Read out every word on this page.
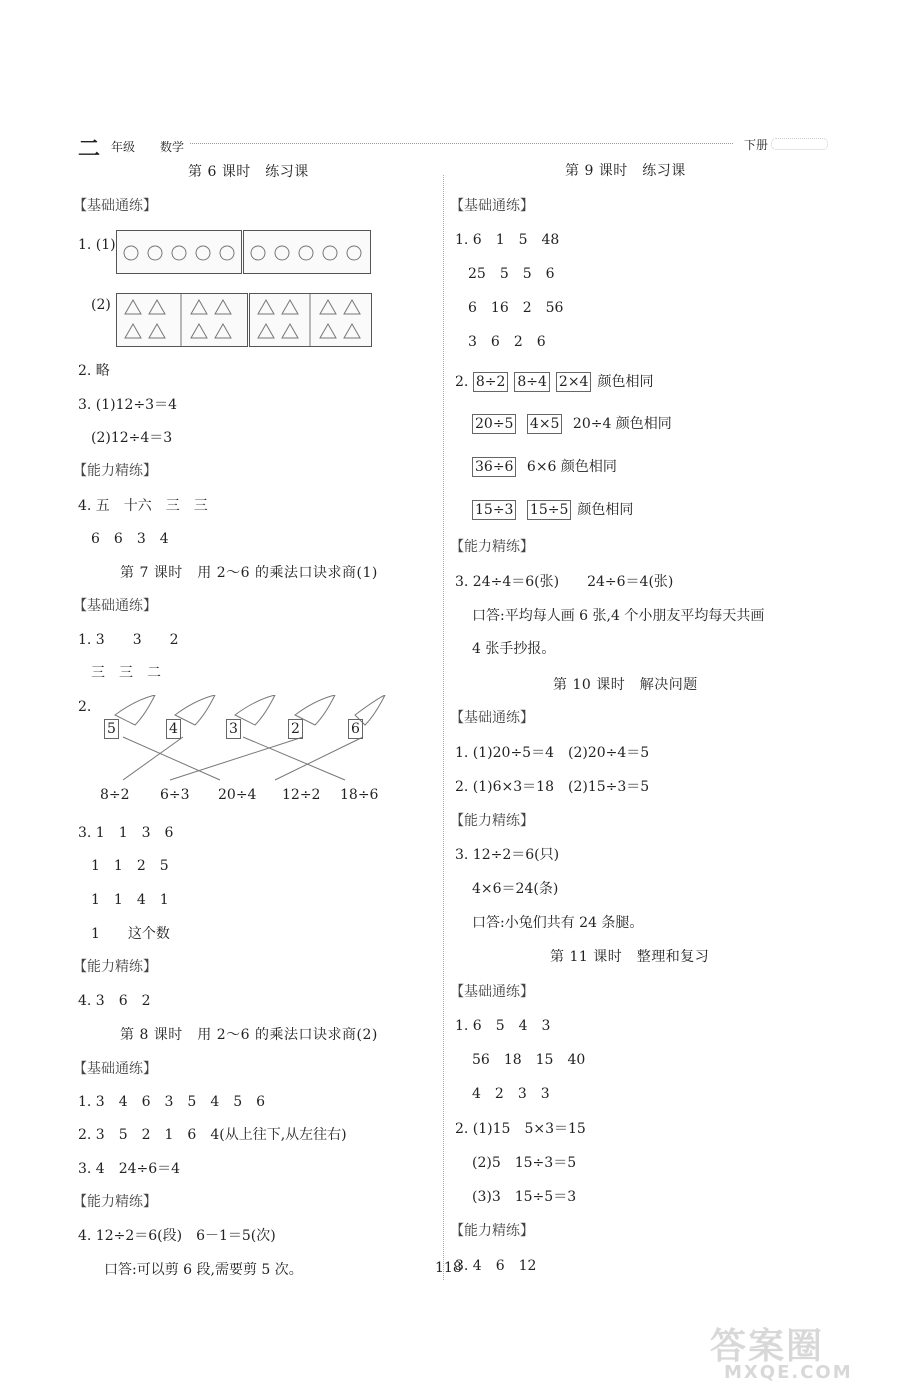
二 年级 数学	下册
第 6 课时　练习课
【基础通练】
1. (1)
(2)
2. 略
3. (1)12÷3＝4
(2)12÷4＝3
【能力精练】
4. 五　十六　三　三
6　6　3　4
第 7 课时　用 2～6 的乘法口诀求商(1)
【基础通练】
1. 3　　3　　2
三　三　二
2.
5	4	3	2	6
8÷2 6÷3 20÷4 12÷2 18÷6
3. 1　1　3　6
1　1　2　5
1　1　4　1
1　　这个数
【能力精练】
4. 3　6　2
第 8 课时　用 2～6 的乘法口诀求商(2)
【基础通练】
1. 3　4　6　3　5　4　5　6
2. 3　5　2　1　6　4(从上往下,从左往右)
3. 4　24÷6＝4
【能力精练】
4. 12÷2＝6(段)　6－1＝5(次)
口答:可以剪 6 段,需要剪 5 次。
第 9 课时　练习课
【基础通练】
1. 6　1　5　48
25　5　5　6
6　16　2　56
3　6　2　6
2. 8÷2 8÷4 2×4 颜色相同
20÷5 4×5 20÷4 颜色相同
36÷6 6×6 颜色相同
15÷3 15÷5 颜色相同
【能力精练】
3. 24÷4＝6(张)　　24÷6＝4(张)
口答:平均每人画 6 张,4 个小朋友平均每天共画
4 张手抄报。
第 10 课时　解决问题
【基础通练】
1. (1)20÷5＝4　(2)20÷4＝5
2. (1)6×3＝18　(2)15÷3＝5
【能力精练】
3. 12÷2＝6(只)
4×6＝24(条)
口答:小兔们共有 24 条腿。
第 11 课时　整理和复习
【基础通练】
1. 6　5　4　3
56　18　15　40
4　2　3　3
2. (1)15　5×3＝15
(2)5　15÷3＝5
(3)3　15÷5＝3
【能力精练】
3. 4　6　12
118
答案圈
MXQE.COM
